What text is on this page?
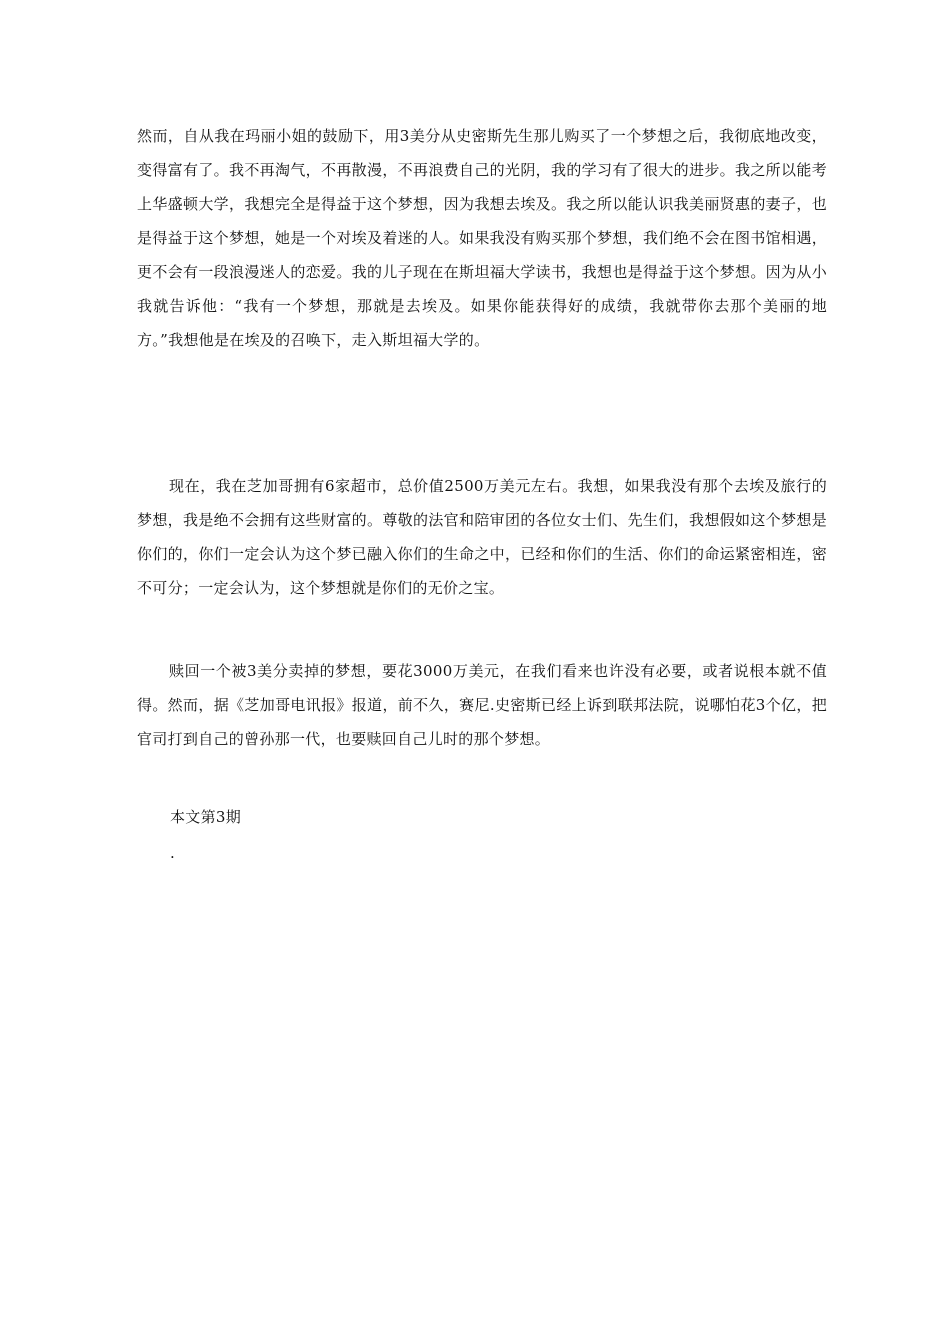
然而，自从我在玛丽小姐的鼓励下，用3美分从史密斯先生那儿购买了一个梦想之后，我彻底地改变，变得富有了。我不再淘气，不再散漫，不再浪费自己的光阴，我的学习有了很大的进步。我之所以能考上华盛顿大学，我想完全是得益于这个梦想，因为我想去埃及。我之所以能认识我美丽贤惠的妻子，也是得益于这个梦想，她是一个对埃及着迷的人。如果我没有购买那个梦想，我们绝不会在图书馆相遇，更不会有一段浪漫迷人的恋爱。我的儿子现在在斯坦福大学读书，我想也是得益于这个梦想。因为从小我就告诉他：“我有一个梦想，那就是去埃及。如果你能获得好的成绩，我就带你去那个美丽的地方。”我想他是在埃及的召唤下，走入斯坦福大学的。

现在，我在芝加哥拥有6家超市，总价值2500万美元左右。我想，如果我没有那个去埃及旅行的梦想，我是绝不会拥有这些财富的。尊敬的法官和陪审团的各位女士们、先生们，我想假如这个梦想是你们的，你们一定会认为这个梦已融入你们的生命之中，已经和你们的生活、你们的命运紧密相连，密不可分；一定会认为，这个梦想就是你们的无价之宝。

赎回一个被3美分卖掉的梦想，要花3000万美元，在我们看来也许没有必要，或者说根本就不值得。然而，据《芝加哥电讯报》报道，前不久，赛尼.史密斯已经上诉到联邦法院，说哪怕花3个亿，把官司打到自己的曾孙那一代，也要赎回自己儿时的那个梦想。

本文第3期
.
